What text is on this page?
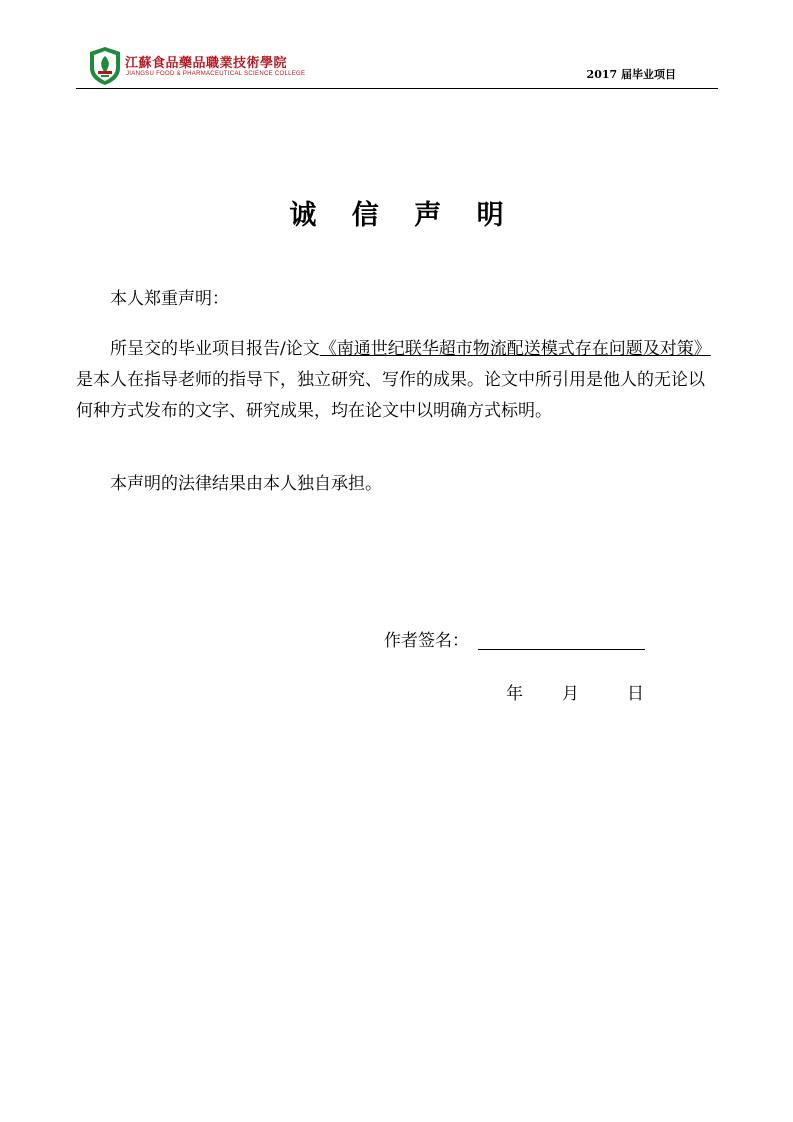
江蘇食品藥品職業技術學院
JIANGSU FOOD & PHARMACEUTICAL SCIENCE COLLEGE	2017 届毕业项目
诚 信 声 明
本人郑重声明：
所呈交的毕业项目报告/论文《南通世纪联华超市物流配送模式存在问题及对策》是本人在指导老师的指导下，独立研究、写作的成果。论文中所引用是他人的无论以何种方式发布的文字、研究成果，均在论文中以明确方式标明。
本声明的法律结果由本人独自承担。
作者签名：
年 月	日
